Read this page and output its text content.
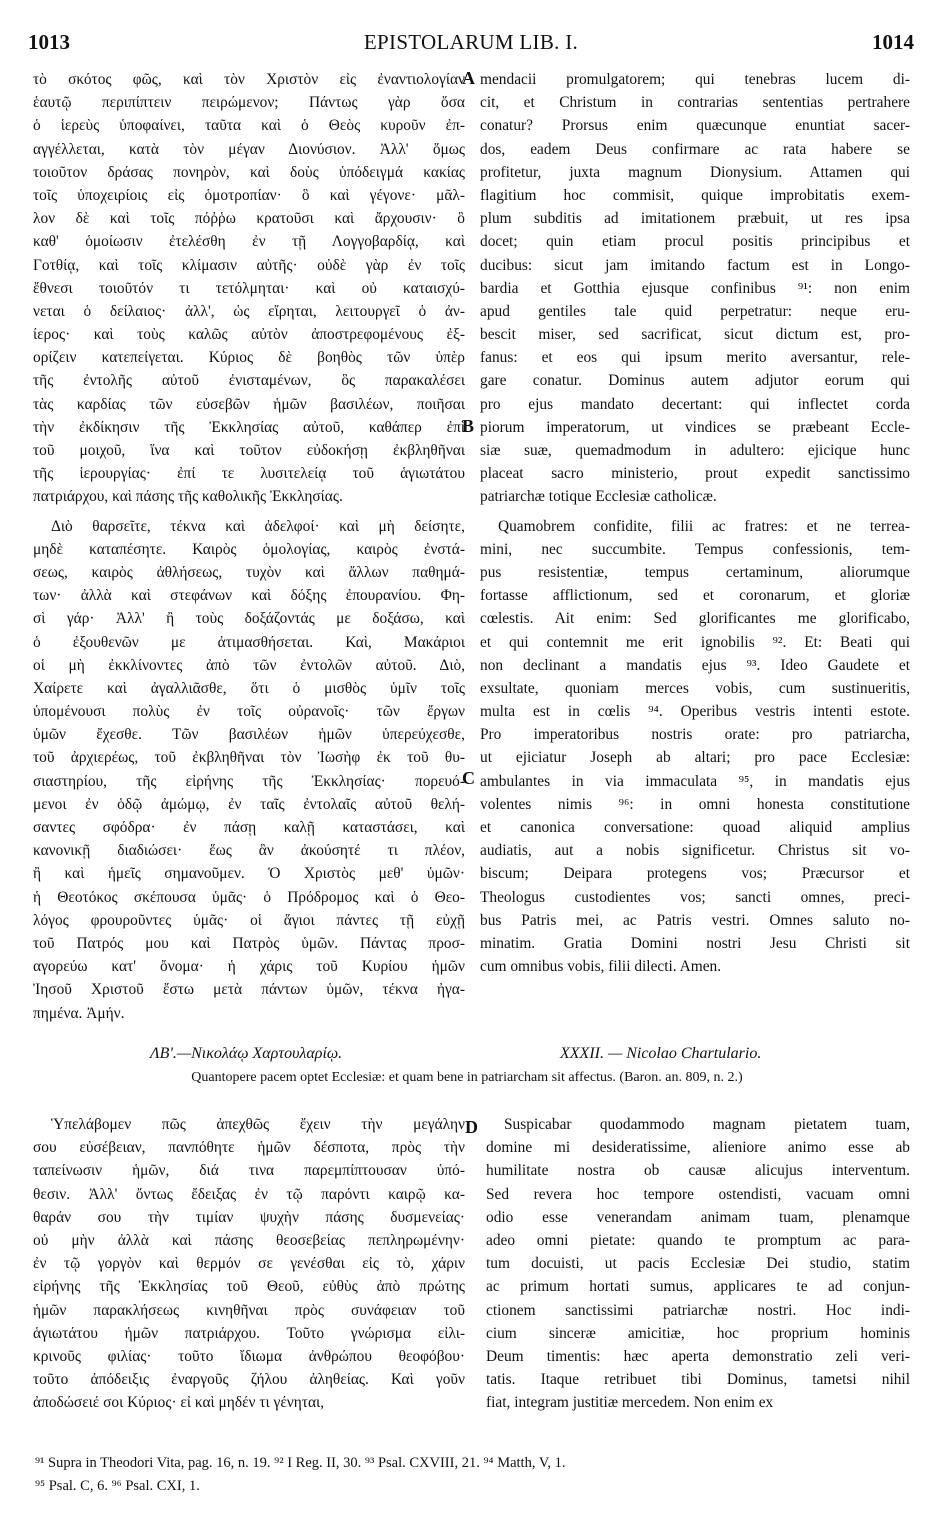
1013	EPISTOLARUM LIB. I.	1014
τὸ σκότος φῶς, καὶ τὸν Χριστὸν εἰς ἐναντιολογίαν
ἑαυτῷ περιπίπτειν πειρώμενον; Πάντως γὰρ ὅσα
ὁ ἱερεὺς ὑποφαίνει, ταῦτα καὶ ὁ Θεὸς κυροῦν ἐπ-
αγγέλλεται, κατὰ τὸν μέγαν Διονύσιον. Ἀλλ' ὅμως
τοιοῦτον δράσας πονηρὸν, καὶ δοὺς ὑπόδειγμά κακίας
τοῖς ὑποχειρίοις εἰς ὁμοτροπίαν· ὃ καὶ γέγονε· μᾶλ-
λον δὲ καὶ τοῖς πόῤῥω κρατοῦσι καὶ ἄρχουσιν· ὃ
καθ' ὁμοίωσιν ἐτελέσθη ἐν τῇ Λογγοβαρδίᾳ, καὶ
Γοτθίᾳ, καὶ τοῖς κλίμασιν αὐτῆς· οὐδὲ γὰρ ἐν τοῖς
ἔθνεσι τοιοῦτόν τι τετόλμηται· καὶ οὐ καταισχύ-
νεται ὁ δείλαιος· ἀλλ', ὡς εἴρηται, λειτουργεῖ ὁ ἀν-
ίερος· καὶ τοὺς καλῶς αὐτὸν ἀποστρεφομένους ἐξ-
ορίζειν κατεπείγεται. Κύριος δὲ βοηθὸς τῶν ὑπὲρ
τῆς ἐντολῆς αὐτοῦ ἐνισταμένων, ὃς παρακαλέσει
τὰς καρδίας τῶν εὐσεβῶν ἡμῶν βασιλέων, ποιῆσαι
τὴν ἐκδίκησιν τῆς Ἐκκλησίας αὐτοῦ, καθάπερ ἐπὶ
τοῦ μοιχοῦ, ἵνα καὶ τοῦτον εὐδοκήσῃ ἐκβληθῆναι
τῆς ἱερουργίας· ἐπί τε λυσιτελείᾳ τοῦ ἁγιωτάτου
πατριάρχου, καὶ πάσης τῆς καθολικῆς Ἐκκλησίας.
Διὸ θαρσεῖτε, τέκνα καὶ ἀδελφοί· καὶ μὴ δείσητε,
μηδὲ καταπέσητε. Καιρὸς ὁμολογίας, καιρὸς ἐνστά-
σεως, καιρὸς ἀθλήσεως, τυχὸν καὶ ἄλλων παθημά-
των· ἀλλὰ καὶ στεφάνων καὶ δόξης ἐπουρανίου. Φη-
σὶ γάρ· Ἀλλ' ἢ τοὺς δοξάζοντάς με δοξάσω, καὶ
ὁ ἐξουθενῶν με ἀτιμασθήσεται. Καὶ, Μακάριοι
οἱ μὴ ἐκκλίνοντες ἀπὸ τῶν ἐντολῶν αὐτοῦ. Διὸ,
Χαίρετε καὶ ἀγαλλιᾶσθε, ὅτι ὁ μισθὸς ὑμῖν τοῖς
ὑπομένουσι πολὺς ἐν τοῖς οὐρανοῖς· τῶν ἔργων
ὑμῶν ἔχεσθε. Τῶν βασιλέων ἡμῶν ὑπερεύχεσθε,
τοῦ ἀρχιερέως, τοῦ ἐκβληθῆναι τὸν Ἰωσὴφ ἐκ τοῦ θυ-
σιαστηρίου, τῆς εἰρήνης τῆς Ἐκκλησίας· πορευό-
μενοι ἐν ὁδῷ ἀμώμῳ, ἐν ταῖς ἐντολαῖς αὐτοῦ θελή-
σαντες σφόδρα· ἐν πάσῃ καλῇ καταστάσει, καὶ
κανονικῇ διαδιώσει· ἕως ἂν ἀκούσητέ τι πλέον,
ἢ καὶ ἡμεῖς σημανοῦμεν. Ὁ Χριστὸς μεθ' ὑμῶν·
ἡ Θεοτόκος σκέπουσα ὑμᾶς· ὁ Πρόδρομος καὶ ὁ Θεο-
λόγος φρουροῦντες ὑμᾶς· οἱ ἅγιοι πάντες τῇ εὐχῇ
τοῦ Πατρός μου καὶ Πατρὸς ὑμῶν. Πάντας προσ-
αγορεύω κατ' ὄνομα· ἡ χάρις τοῦ Κυρίου ἡμῶν
Ἰησοῦ Χριστοῦ ἔστω μετὰ πάντων ὑμῶν, τέκνα ἠγα-
πημένα. Ἀμήν.
mendacii promulgatorem; qui tenebras lucem di-
cit, et Christum in contrarias sententias pertrahere
conatur? Prorsus enim quæcunque enuntiat sacer-
dos, eadem Deus confirmare ac rata habere se
profitetur, juxta magnum Dionysium. Attamen qui
flagitium hoc commisit, quique improbitatis exem-
plum subditis ad imitationem præbuit, ut res ipsa
docet; quin etiam procul positis principibus et
ducibus: sicut jam imitando factum est in Longo-
bardia et Gotthia ejusque confinibus ⁹¹: non enim
apud gentiles tale quid perpetratur: neque eru-
bescit miser, sed sacrificat, sicut dictum est, pro-
fanus: et eos qui ipsum merito aversantur, rele-
gare conatur. Dominus autem adjutor eorum qui
pro ejus mandato decertant: qui inflectet corda
piorum imperatorum, ut vindices se præbeant Eccle-
siæ suæ, quemadmodum in adultero: ejicique hunc
placeat sacro ministerio, prout expedit sanctissimo
patriarchæ totique Ecclesiæ catholicæ.
Quamobrem confidite, filii ac fratres: et ne terrea-
mini, nec succumbite. Tempus confessionis, tem-
pus resistentiæ, tempus certaminum, aliorumque
fortasse afflictionum, sed et coronarum, et gloriæ
cœlestis. Ait enim: Sed glorificantes me glorificabo,
et qui contemnit me erit ignobilis ⁹². Et: Beati qui
non declinant a mandatis ejus ⁹³. Ideo Gaudete et
exsultate, quoniam merces vobis, cum sustinueritis,
multa est in cœlis ⁹⁴. Operibus vestris intenti estote.
Pro imperatoribus nostris orate: pro patriarcha,
ut ejiciatur Joseph ab altari; pro pace Ecclesiæ:
ambulantes in via immaculata ⁹⁵, in mandatis ejus
volentes nimis ⁹⁶: in omni honesta constitutione
et canonica conversatione: quoad aliquid amplius
audiatis, aut a nobis significetur. Christus sit vo-
biscum; Deipara protegens vos; Præcursor et
Theologus custodientes vos; sancti omnes, preci-
bus Patris mei, ac Patris vestri. Omnes saluto no-
minatim. Gratia Domini nostri Jesu Christi sit
cum omnibus vobis, filii dilecti. Amen.
A
B
C
D
ΛΒ'.—Νικολάῳ Χαρτουλαρίῳ.	XXXII. — Nicolao Chartulario.
Quantopere pacem optet Ecclesiæ: et quam bene in patriarcham sit affectus. (Baron. an. 809, n. 2.)
Ὑπελάβομεν πῶς ἀπεχθῶς ἔχειν τὴν μεγάλην
σου εὐσέβειαν, πανπόθητε ἡμῶν δέσποτα, πρὸς τὴν
ταπείνωσιν ἡμῶν, διά τινα παρεμπίπτουσαν ὑπό-
θεσιν. Ἀλλ' ὄντως ἔδειξας ἐν τῷ παρόντι καιρῷ κα-
θαράν σου τὴν τιμίαν ψυχὴν πάσης δυσμενείας·
οὐ μὴν ἀλλὰ καὶ πάσης θεοσεβείας πεπληρωμένην·
ἐν τῷ γοργὸν καὶ θερμόν σε γενέσθαι εἰς τὸ, χάριν
εἰρήνης τῆς Ἐκκλησίας τοῦ Θεοῦ, εὐθὺς ἀπὸ πρώτης
ἡμῶν παρακλήσεως κινηθῆναι πρὸς συνάφειαν τοῦ
ἁγιωτάτου ἡμῶν πατριάρχου. Τοῦτο γνώρισμα εἰλι-
κρινοῦς φιλίας· τοῦτο ἴδιωμα ἀνθρώπου θεοφόβου·
τοῦτο ἀπόδειξις ἐναργοῦς ζήλου ἀληθείας. Καὶ γοῦν
ἀποδώσειέ σοι Κύριος· εἰ καὶ μηδέν τι γένηται,
Suspicabar quodammodo magnam pietatem tuam,
domine mi desideratissime, alieniore animo esse ab
humilitate nostra ob causæ alicujus interventum.
Sed revera hoc tempore ostendisti, vacuam omni
odio esse venerandam animam tuam, plenamque
adeo omni pietate: quando te promptum ac para-
tum docuisti, ut pacis Ecclesiæ Dei studio, statim
ac primum hortati sumus, applicares te ad conjun-
ctionem sanctissimi patriarchæ nostri. Hoc indi-
cium sinceræ amicitiæ, hoc proprium hominis
Deum timentis: hæc aperta demonstratio zeli veri-
tatis. Itaque retribuet tibi Dominus, tametsi nihil
fiat, integram justitiæ mercedem. Non enim ex
⁹¹ Supra in Theodori Vita, pag. 16, n. 19. ⁹² I Reg. II, 30. ⁹³ Psal. CXVIII, 21. ⁹⁴ Matth, V, 1.
⁹⁵ Psal. C, 6. ⁹⁶ Psal. CXI, 1.
